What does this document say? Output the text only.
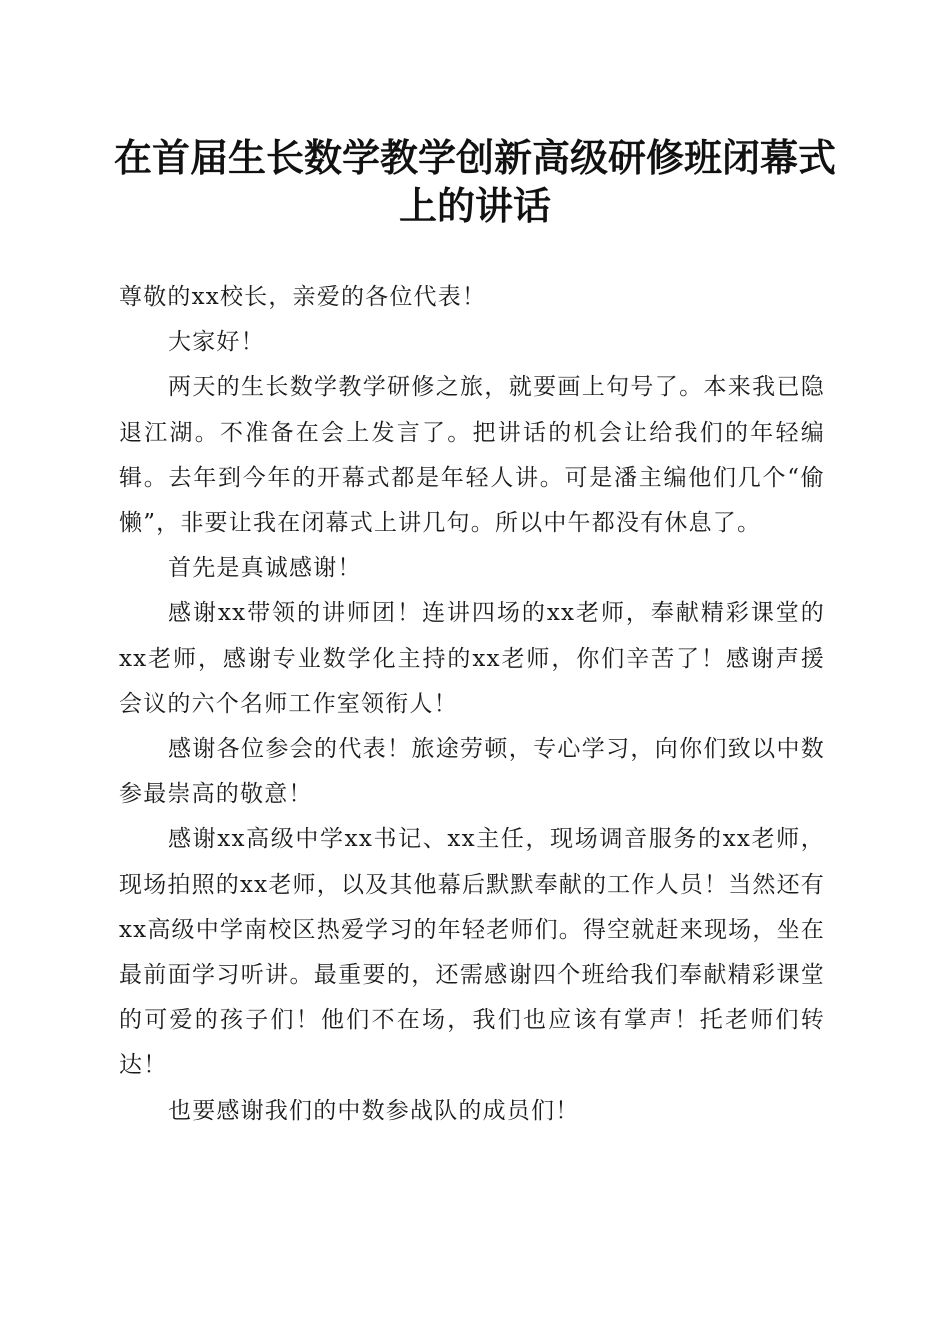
在首届生长数学教学创新高级研修班闭幕式上的讲话

尊敬的xx校长，亲爱的各位代表！

大家好！

两天的生长数学教学研修之旅，就要画上句号了。本来我已隐退江湖。不准备在会上发言了。把讲话的机会让给我们的年轻编辑。去年到今年的开幕式都是年轻人讲。可是潘主编他们几个“偷懒”，非要让我在闭幕式上讲几句。所以中午都没有休息了。

首先是真诚感谢！

感谢xx带领的讲师团！连讲四场的xx老师，奉献精彩课堂的xx老师，感谢专业数学化主持的xx老师，你们辛苦了！感谢声援会议的六个名师工作室领衔人！

感谢各位参会的代表！旅途劳顿，专心学习，向你们致以中数参最崇高的敬意！

感谢xx高级中学xx书记、xx主任，现场调音服务的xx老师，现场拍照的xx老师，以及其他幕后默默奉献的工作人员！当然还有xx高级中学南校区热爱学习的年轻老师们。得空就赶来现场，坐在最前面学习听讲。最重要的，还需感谢四个班给我们奉献精彩课堂的可爱的孩子们！他们不在场，我们也应该有掌声！托老师们转达！

也要感谢我们的中数参战队的成员们！
